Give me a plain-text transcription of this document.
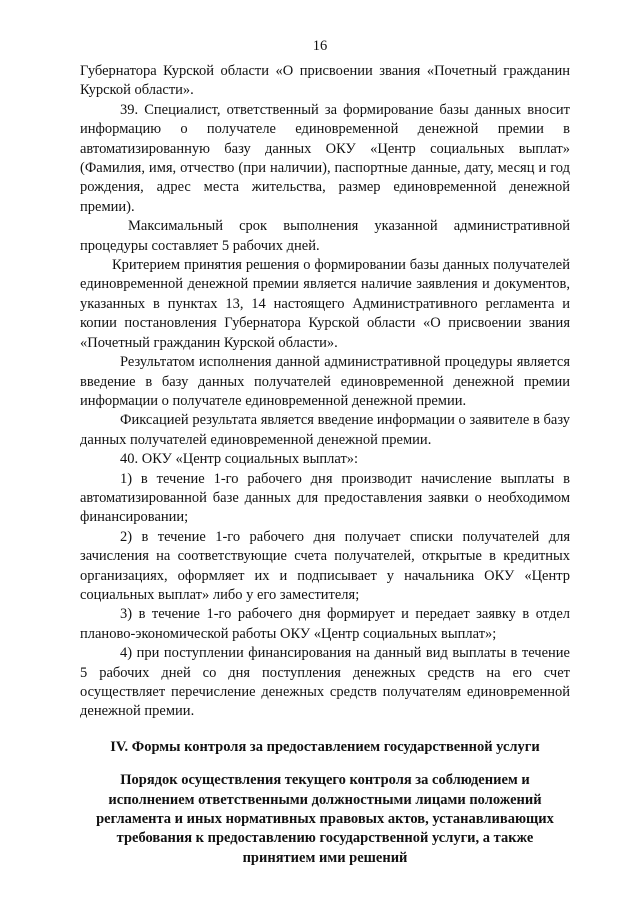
16

Губернатора Курской области «О присвоении звания «Почетный гражданин Курской области».

39. Специалист, ответственный за формирование базы данных вносит информацию о получателе единовременной денежной премии в автоматизированную базу данных ОКУ «Центр социальных выплат» (Фамилия, имя, отчество (при наличии), паспортные данные, дату, месяц и год рождения, адрес места жительства, размер единовременной денежной премии).

Максимальный срок выполнения указанной административной процедуры составляет 5 рабочих дней.

Критерием принятия решения о формировании базы данных получателей единовременной денежной премии является наличие заявления и документов, указанных в пунктах 13, 14 настоящего Административного регламента и копии постановления Губернатора Курской области «О присвоении звания «Почетный гражданин Курской области».

Результатом исполнения данной административной процедуры является введение в базу данных получателей единовременной денежной премии информации о получателе единовременной денежной премии.

Фиксацией результата является введение информации о заявителе в базу данных получателей единовременной денежной премии.

40. ОКУ «Центр социальных выплат»:

1) в течение 1-го рабочего дня производит начисление выплаты в автоматизированной базе данных для предоставления заявки о необходимом финансировании;

2) в течение 1-го рабочего дня получает списки получателей для зачисления на соответствующие счета получателей, открытые в кредитных организациях, оформляет их и подписывает у начальника ОКУ «Центр социальных выплат» либо у его заместителя;

3) в течение 1-го рабочего дня формирует и передает заявку в отдел планово-экономической работы ОКУ «Центр социальных выплат»;

4) при поступлении финансирования на данный вид выплаты в течение 5 рабочих дней со дня поступления денежных средств на его счет осуществляет перечисление денежных средств получателям единовременной денежной премии.

IV. Формы контроля за предоставлением государственной услуги

Порядок осуществления текущего контроля за соблюдением и
исполнением ответственными должностными лицами положений
регламента и иных нормативных правовых актов, устанавливающих
требования к предоставлению государственной услуги, а также
принятием ими решений
